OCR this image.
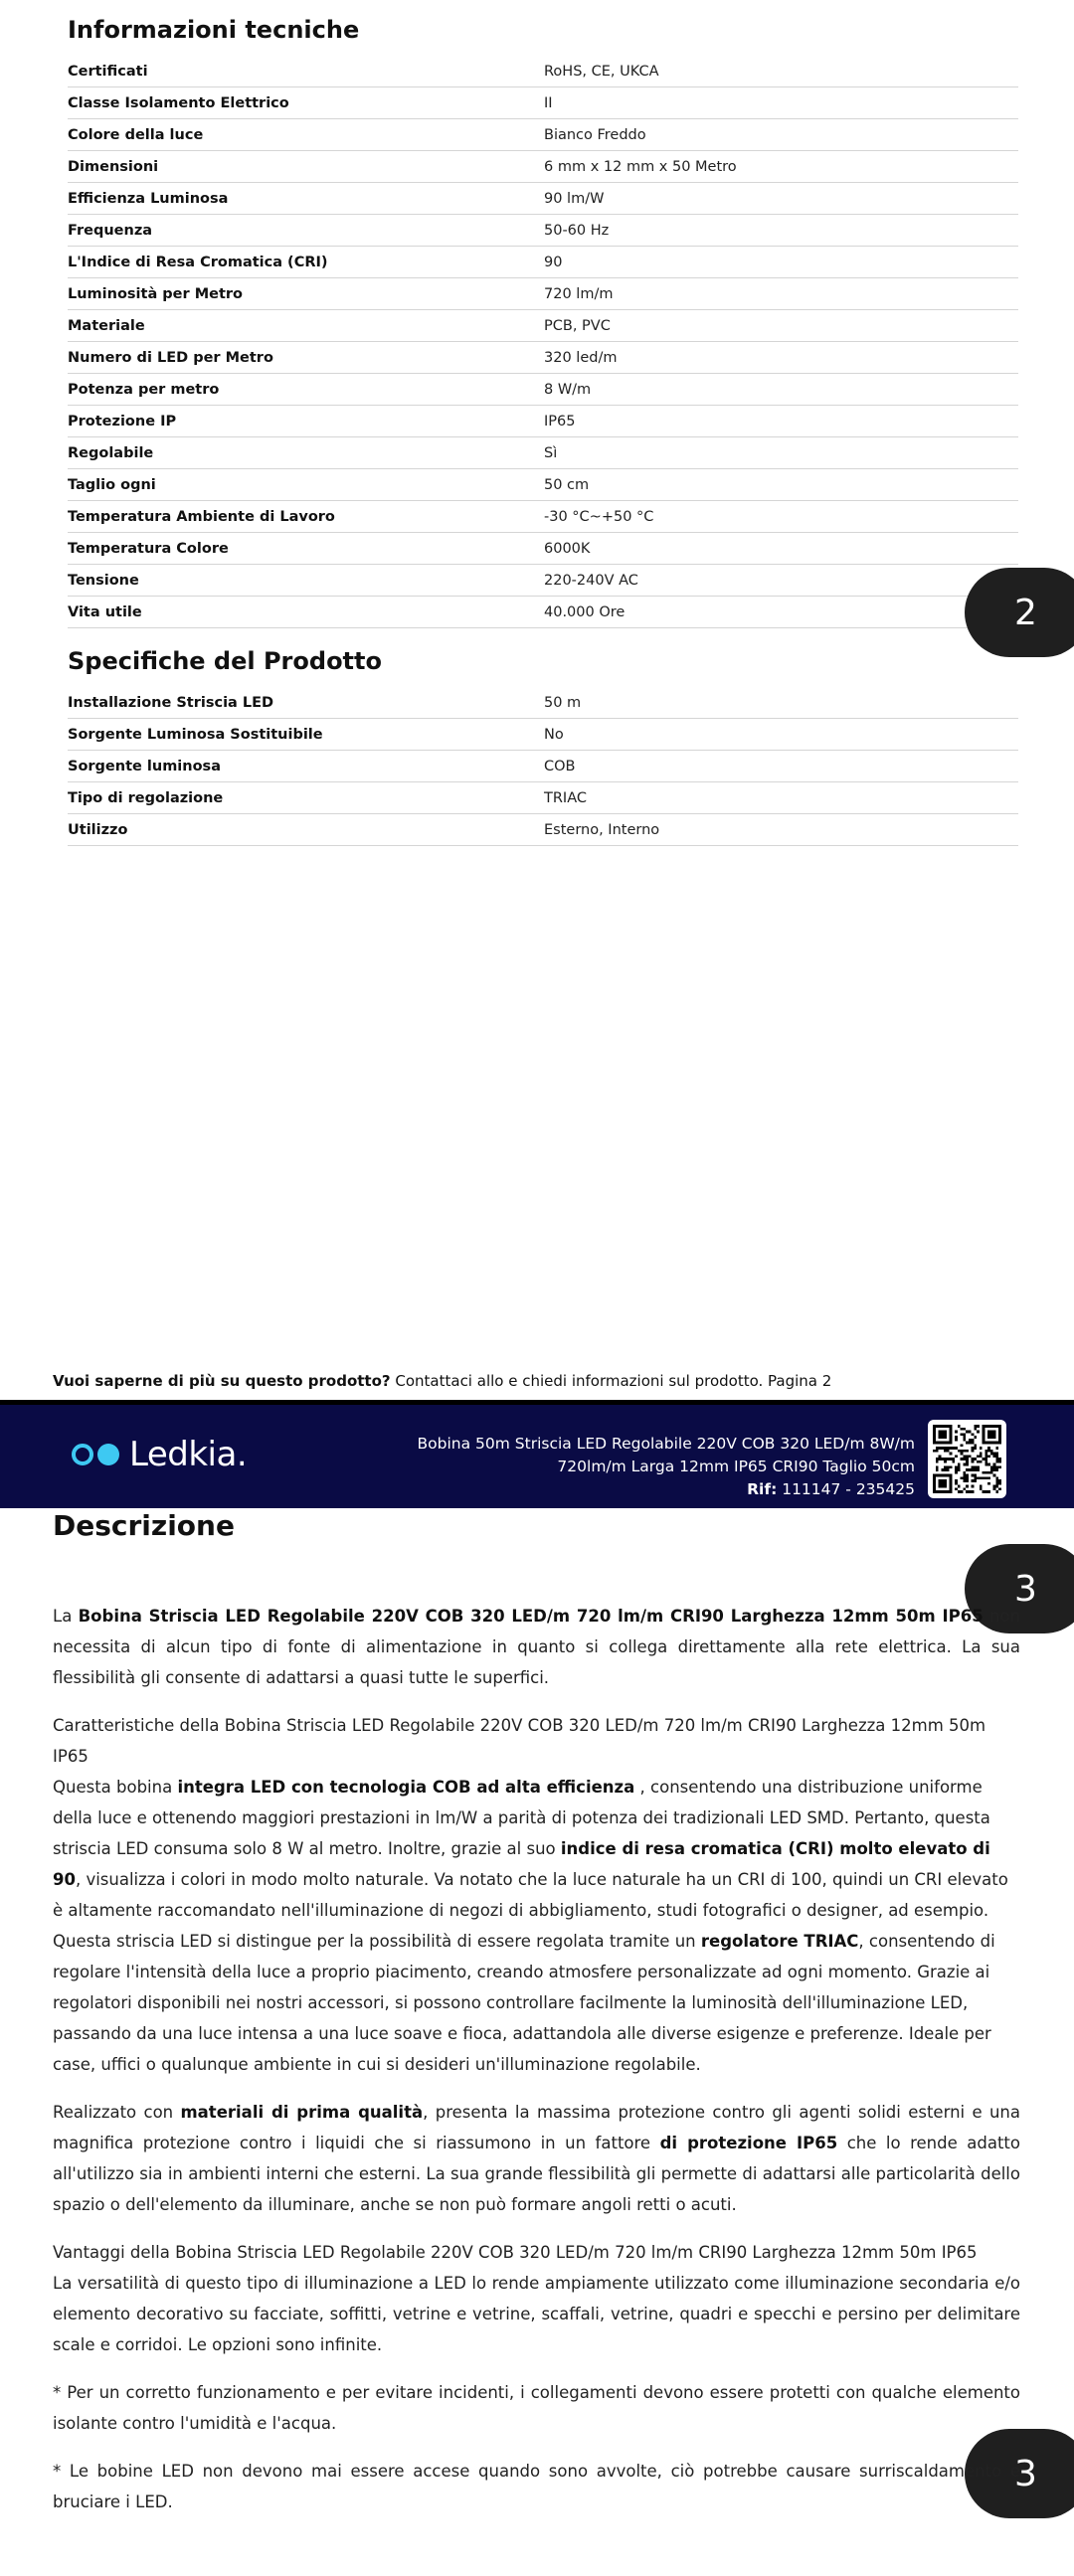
Informazioni tecniche
Certificati	RoHS, CE, UKCA
Classe Isolamento Elettrico	II
Colore della luce	Bianco Freddo
Dimensioni	6 mm x 12 mm x 50 Metro
Efficienza Luminosa	90 lm/W
Frequenza	50-60 Hz
L'Indice di Resa Cromatica (CRI)	90
Luminosità per Metro	720 lm/m
Materiale	PCB, PVC
Numero di LED per Metro	320 led/m
Potenza per metro	8 W/m
Protezione IP	IP65
Regolabile	Sì
Taglio ogni	50 cm
Temperatura Ambiente di Lavoro	-30 °C~+50 °C
Temperatura Colore	6000K
Tensione	220-240V AC
Vita utile	40.000 Ore
Specifiche del Prodotto
Installazione Striscia LED	50 m
Sorgente Luminosa Sostituibile	No
Sorgente luminosa	COB
Tipo di regolazione	TRIAC
Utilizzo	Esterno, Interno
2
3
3
Vuoi saperne di più su questo prodotto? Contattaci allo e chiedi informazioni sul prodotto. Pagina 2
Ledkia.	Bobina 50m Striscia LED Regolabile 220V COB 320 LED/m 8W/m
720lm/m Larga 12mm IP65 CRI90 Taglio 50cm
Rif: 111147 - 235425
Descrizione

La Bobina Striscia LED Regolabile 220V COB 320 LED/m 720 lm/m CRI90 Larghezza 12mm 50m IP65 non necessita di alcun tipo di fonte di alimentazione in quanto si collega direttamente alla rete elettrica. La sua flessibilità gli consente di adattarsi a quasi tutte le superfici.

Caratteristiche della Bobina Striscia LED Regolabile 220V COB 320 LED/m 720 lm/m CRI90 Larghezza 12mm 50m IP65
Questa bobina integra LED con tecnologia COB ad alta efficienza , consentendo una distribuzione uniforme della luce e ottenendo maggiori prestazioni in lm/W a parità di potenza dei tradizionali LED SMD. Pertanto, questa striscia LED consuma solo 8 W al metro. Inoltre, grazie al suo indice di resa cromatica (CRI) molto elevato di 90, visualizza i colori in modo molto naturale. Va notato che la luce naturale ha un CRI di 100, quindi un CRI elevato è altamente raccomandato nell'illuminazione di negozi di abbigliamento, studi fotografici o designer, ad esempio. Questa striscia LED si distingue per la possibilità di essere regolata tramite un regolatore TRIAC, consentendo di regolare l'intensità della luce a proprio piacimento, creando atmosfere personalizzate ad ogni momento. Grazie ai regolatori disponibili nei nostri accessori, si possono controllare facilmente la luminosità dell'illuminazione LED, passando da una luce intensa a una luce soave e fioca, adattandola alle diverse esigenze e preferenze. Ideale per case, uffici o qualunque ambiente in cui si desideri un'illuminazione regolabile.

Realizzato con materiali di prima qualità, presenta la massima protezione contro gli agenti solidi esterni e una magnifica protezione contro i liquidi che si riassumono in un fattore di protezione IP65 che lo rende adatto all'utilizzo sia in ambienti interni che esterni. La sua grande flessibilità gli permette di adattarsi alle particolarità dello spazio o dell'elemento da illuminare, anche se non può formare angoli retti o acuti.

Vantaggi della Bobina Striscia LED Regolabile 220V COB 320 LED/m 720 lm/m CRI90 Larghezza 12mm 50m IP65
La versatilità di questo tipo di illuminazione a LED lo rende ampiamente utilizzato come illuminazione secondaria e/o elemento decorativo su facciate, soffitti, vetrine e vetrine, scaffali, vetrine, quadri e specchi e persino per delimitare scale e corridoi. Le opzioni sono infinite.

* Per un corretto funzionamento e per evitare incidenti, i collegamenti devono essere protetti con qualche elemento isolante contro l'umidità e l'acqua.

* Le bobine LED non devono mai essere accese quando sono avvolte, ciò potrebbe causare surriscaldamento e bruciare i LED.
